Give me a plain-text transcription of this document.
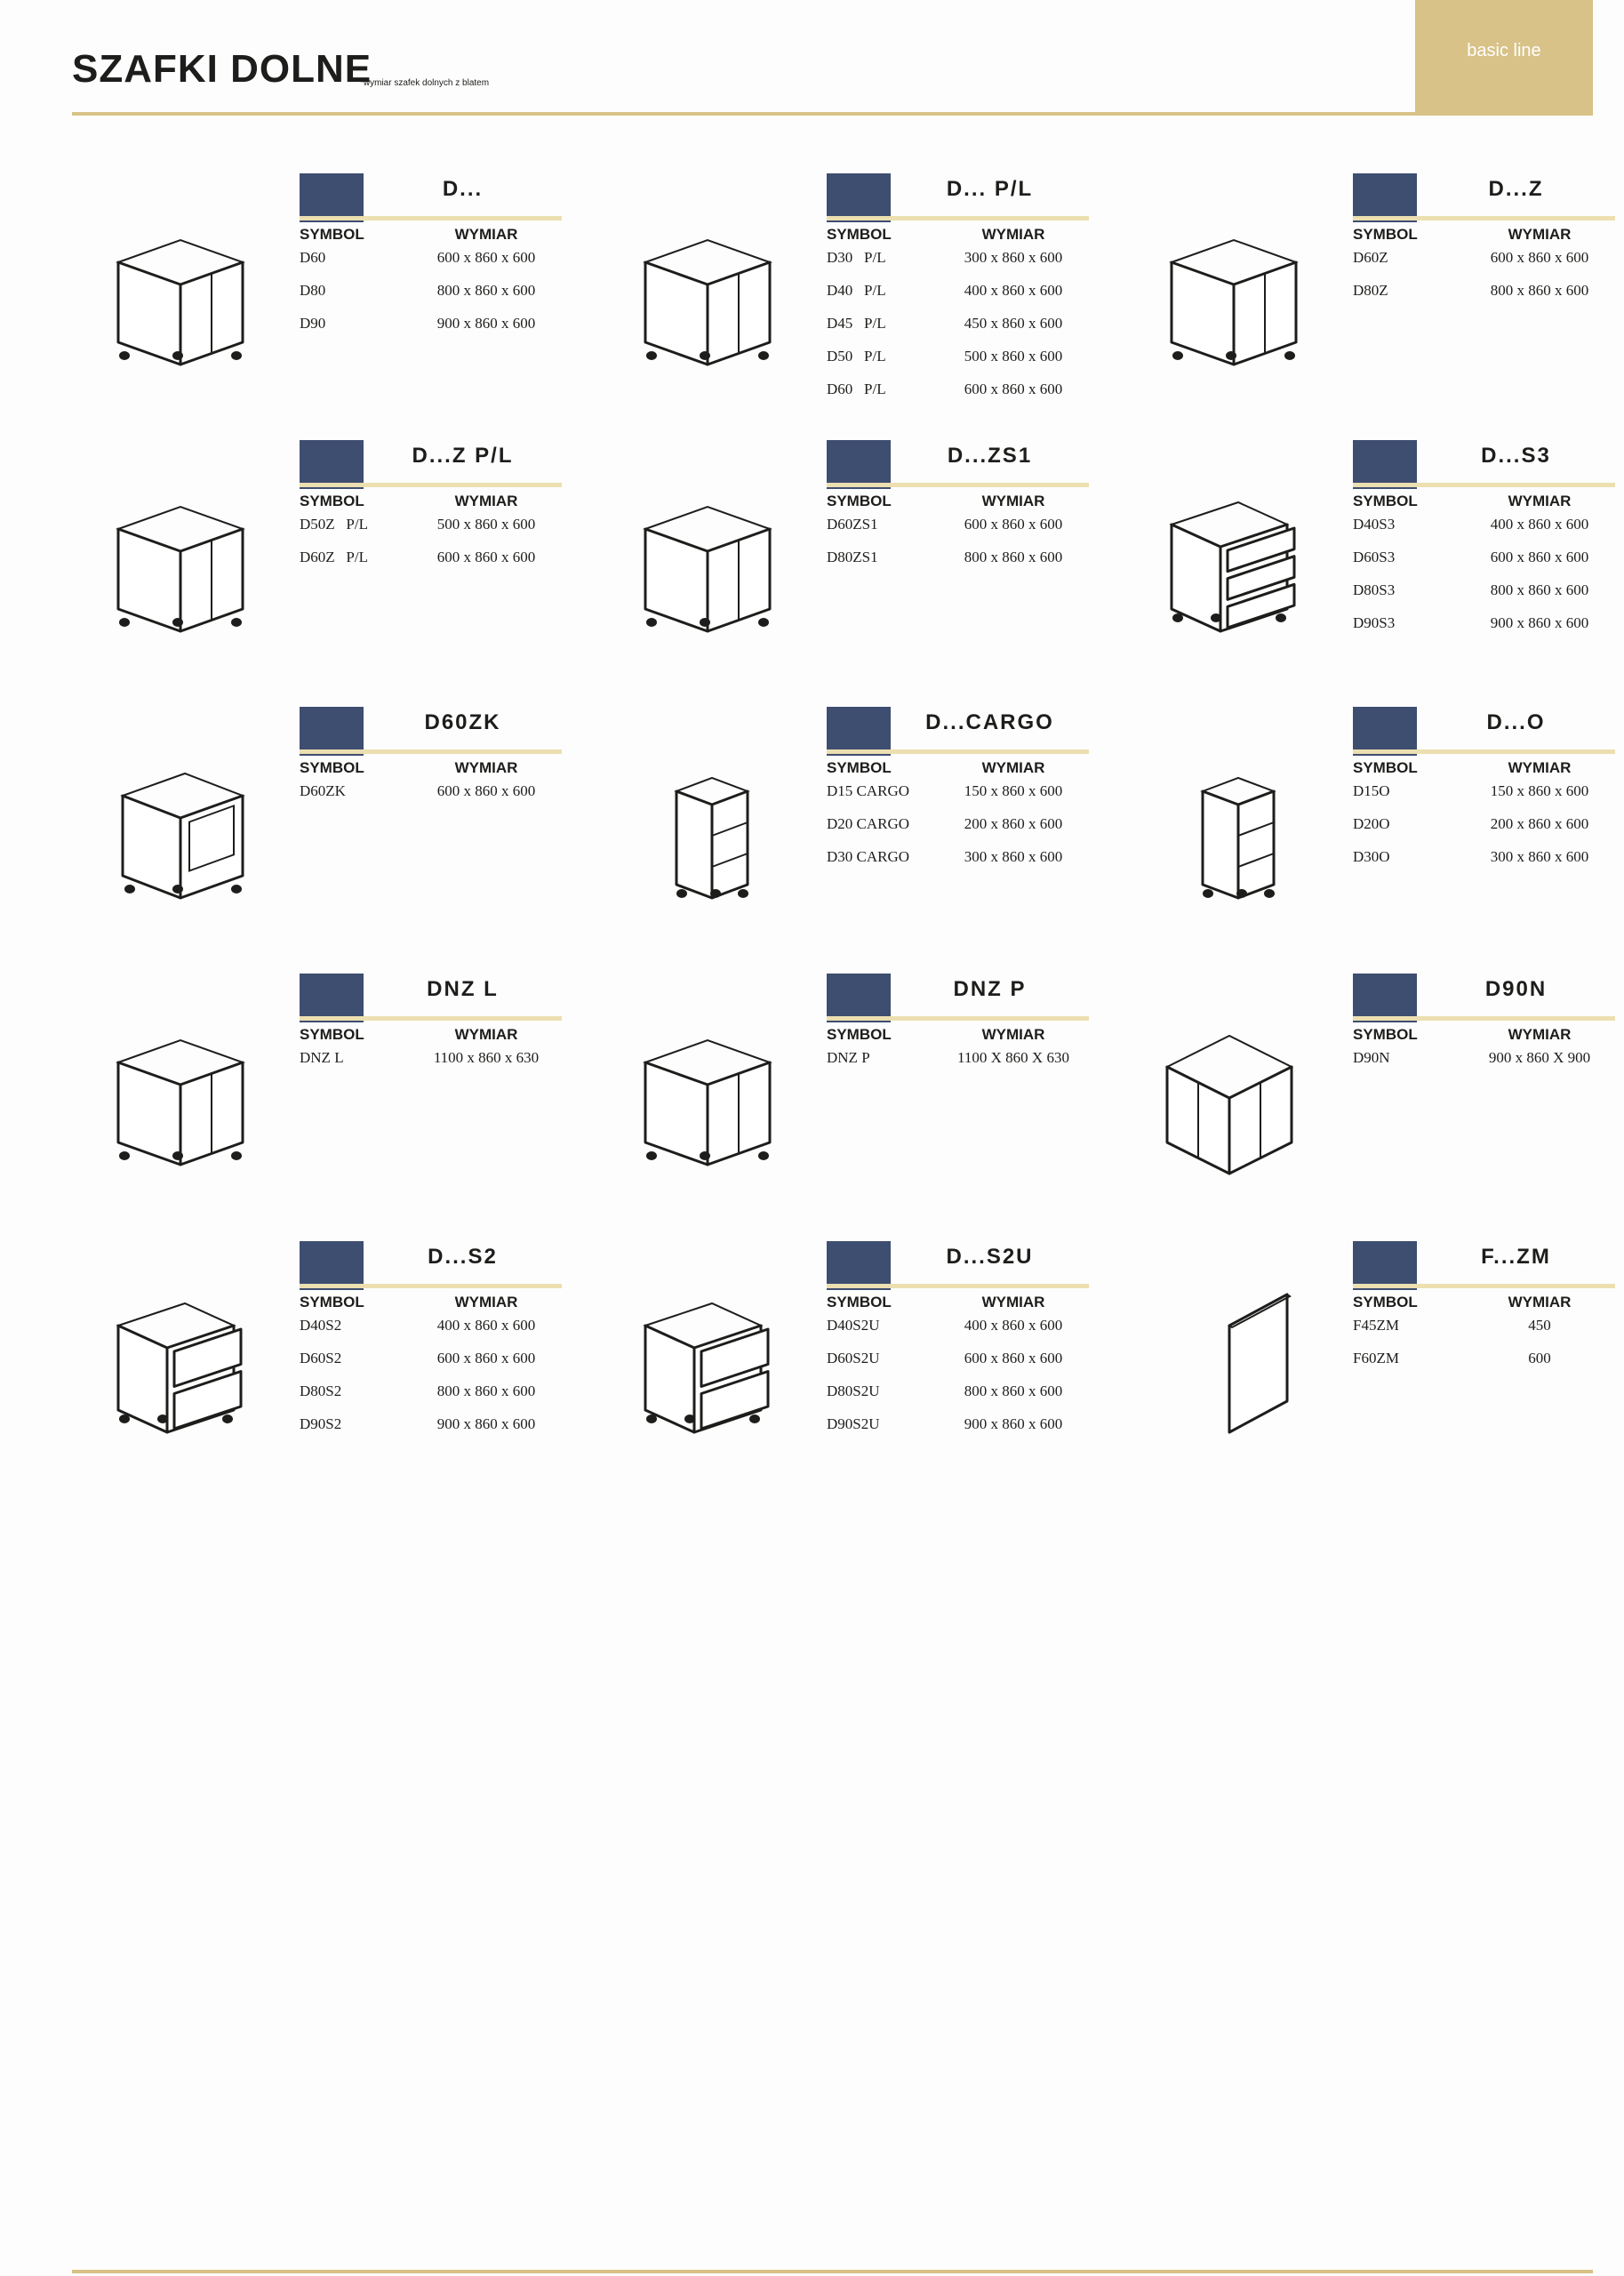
SZAFKI DOLNE
*wymiar szafek dolnych z blatem
basic line
D...
SYMBOL	WYMIAR
D60	600 x 860 x 600
D80	800 x 860 x 600
D90	900 x 860 x 600
D... P/L
SYMBOL	WYMIAR
D30   P/L	300 x 860 x 600
D40   P/L	400 x 860 x 600
D45   P/L	450 x 860 x 600
D50   P/L	500 x 860 x 600
D60   P/L	600 x 860 x 600
D...Z
SYMBOL	WYMIAR
D60Z	600 x 860 x 600
D80Z	800 x 860 x 600
D...Z P/L
SYMBOL	WYMIAR
D50Z   P/L	500 x 860 x 600
D60Z   P/L	600 x 860 x 600
D...ZS1
SYMBOL	WYMIAR
D60ZS1	600 x 860 x 600
D80ZS1	800 x 860 x 600
D...S3
SYMBOL	WYMIAR
D40S3	400 x 860 x 600
D60S3	600 x 860 x 600
D80S3	800 x 860 x 600
D90S3	900 x 860 x 600
D60ZK
SYMBOL	WYMIAR
D60ZK	600 x 860 x 600
D...CARGO
SYMBOL	WYMIAR
D15 CARGO	150 x 860 x 600
D20 CARGO	200 x 860 x 600
D30 CARGO	300 x 860 x 600
D...O
SYMBOL	WYMIAR
D15O	150 x 860 x 600
D20O	200 x 860 x 600
D30O	300 x 860 x 600
DNZ L
SYMBOL	WYMIAR
DNZ L	1100 x 860 x 630
DNZ P
SYMBOL	WYMIAR
DNZ P	1100 X 860 X 630
D90N
SYMBOL	WYMIAR
D90N	900 x 860 X 900
D...S2
SYMBOL	WYMIAR
D40S2	400 x 860 x 600
D60S2	600 x 860 x 600
D80S2	800 x 860 x 600
D90S2	900 x 860 x 600
D...S2U
SYMBOL	WYMIAR
D40S2U	400 x 860 x 600
D60S2U	600 x 860 x 600
D80S2U	800 x 860 x 600
D90S2U	900 x 860 x 600
F...ZM
SYMBOL	WYMIAR
F45ZM	450
F60ZM	600
